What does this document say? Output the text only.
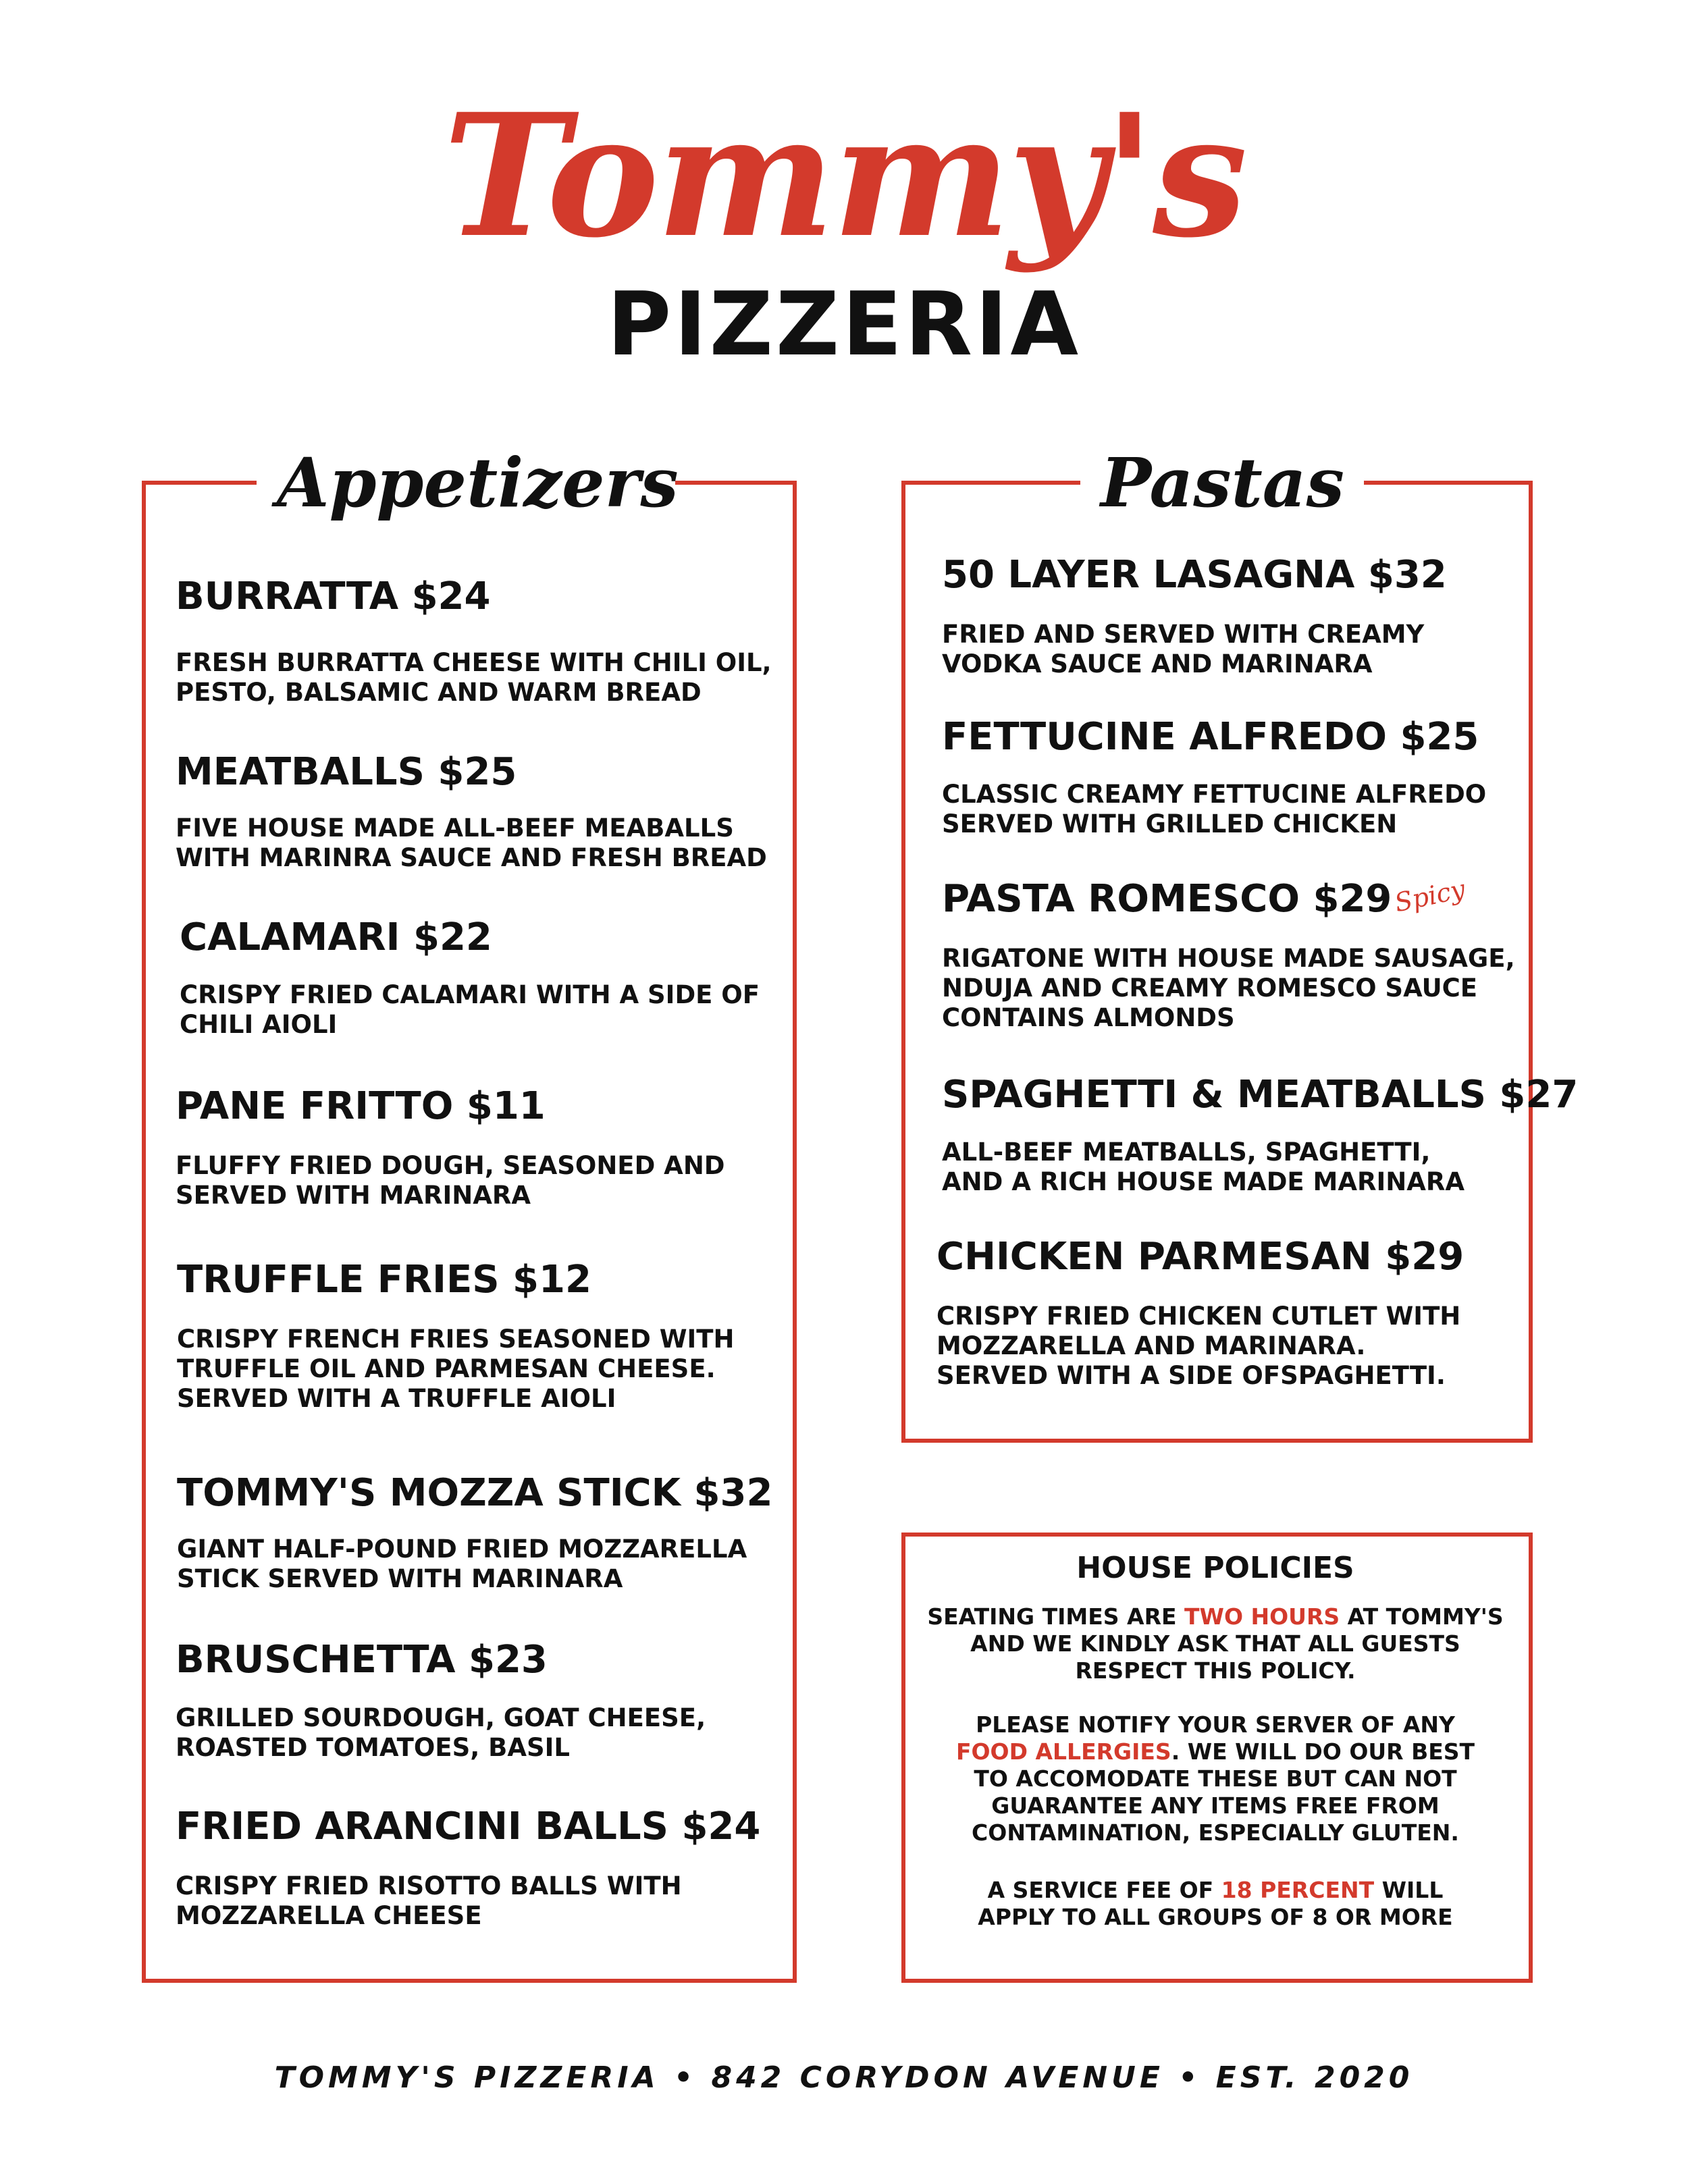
Tommy's
PIZZERIA
Appetizers
BURRATTA $24
FRESH BURRATTA CHEESE WITH CHILI OIL,
PESTO, BALSAMIC AND WARM BREAD
MEATBALLS $25
FIVE HOUSE MADE ALL-BEEF MEABALLS
WITH MARINRA SAUCE AND FRESH BREAD
CALAMARI $22
CRISPY FRIED CALAMARI WITH A SIDE OF
CHILI AIOLI
PANE FRITTO $11
FLUFFY FRIED DOUGH, SEASONED AND
SERVED WITH MARINARA
TRUFFLE FRIES $12
CRISPY FRENCH FRIES SEASONED WITH
TRUFFLE OIL AND PARMESAN CHEESE.
SERVED WITH A TRUFFLE AIOLI
TOMMY'S MOZZA STICK $32
GIANT HALF-POUND FRIED MOZZARELLA
STICK SERVED WITH MARINARA
BRUSCHETTA $23
GRILLED SOURDOUGH, GOAT CHEESE,
ROASTED TOMATOES, BASIL
FRIED ARANCINI BALLS $24
CRISPY FRIED RISOTTO BALLS WITH
MOZZARELLA CHEESE
Pastas
50 LAYER LASAGNA $32
FRIED AND SERVED WITH CREAMY
VODKA SAUCE AND MARINARA
FETTUCINE ALFREDO $25
CLASSIC CREAMY FETTUCINE ALFREDO
SERVED WITH GRILLED CHICKEN
PASTA ROMESCO $29 Spicy
RIGATONE WITH HOUSE MADE SAUSAGE,
NDUJA AND CREAMY ROMESCO SAUCE
CONTAINS ALMONDS
SPAGHETTI & MEATBALLS $27
ALL-BEEF MEATBALLS, SPAGHETTI,
AND A RICH HOUSE MADE MARINARA
CHICKEN PARMESAN $29
CRISPY FRIED CHICKEN CUTLET WITH
MOZZARELLA AND MARINARA.
SERVED WITH A SIDE OFSPAGHETTI.
HOUSE POLICIES
SEATING TIMES ARE TWO HOURS AT TOMMY'S
AND WE KINDLY ASK THAT ALL GUESTS
RESPECT THIS POLICY.
PLEASE NOTIFY YOUR SERVER OF ANY
FOOD ALLERGIES. WE WILL DO OUR BEST
TO ACCOMODATE THESE BUT CAN NOT
GUARANTEE ANY ITEMS FREE FROM
CONTAMINATION, ESPECIALLY GLUTEN.
A SERVICE FEE OF 18 PERCENT WILL
APPLY TO ALL GROUPS OF 8 OR MORE
TOMMY'S PIZZERIA • 842 CORYDON AVENUE • EST. 2020
